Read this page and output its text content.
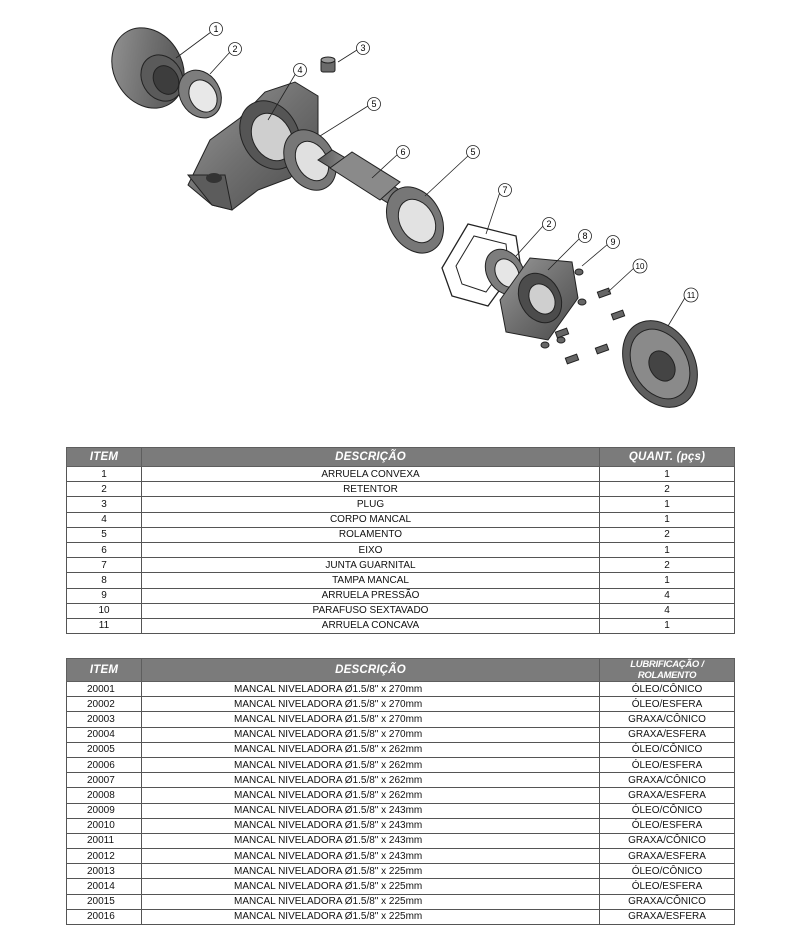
1
2	3
4
5
6	5
7
2
8
9
10
11
ITEM	DESCRIÇÃO	QUANT. (pçs)
1	ARRUELA CONVEXA	1
2	RETENTOR	2
3	PLUG	1
4	CORPO MANCAL	1
5	ROLAMENTO	2
6	EIXO	1
7	JUNTA GUARNITAL	2
8	TAMPA MANCAL	1
9	ARRUELA PRESSÃO	4
10	PARAFUSO SEXTAVADO	4
11	ARRUELA CONCAVA	1
ITEM	DESCRIÇÃO	LUBRIFICAÇÃO / ROLAMENTO
20001	MANCAL NIVELADORA Ø1.5/8" x 270mm	ÓLEO/CÔNICO
20002	MANCAL NIVELADORA Ø1.5/8" x 270mm	ÓLEO/ESFERA
20003	MANCAL NIVELADORA Ø1.5/8" x 270mm	GRAXA/CÔNICO
20004	MANCAL NIVELADORA Ø1.5/8" x 270mm	GRAXA/ESFERA
20005	MANCAL NIVELADORA Ø1.5/8" x 262mm	ÓLEO/CÔNICO
20006	MANCAL NIVELADORA Ø1.5/8" x 262mm	ÓLEO/ESFERA
20007	MANCAL NIVELADORA Ø1.5/8" x 262mm	GRAXA/CÔNICO
20008	MANCAL NIVELADORA Ø1.5/8" x 262mm	GRAXA/ESFERA
20009	MANCAL NIVELADORA Ø1.5/8" x 243mm	ÓLEO/CÔNICO
20010	MANCAL NIVELADORA Ø1.5/8" x 243mm	ÓLEO/ESFERA
20011	MANCAL NIVELADORA Ø1.5/8" x 243mm	GRAXA/CÔNICO
20012	MANCAL NIVELADORA Ø1.5/8" x 243mm	GRAXA/ESFERA
20013	MANCAL NIVELADORA Ø1.5/8" x 225mm	ÓLEO/CÔNICO
20014	MANCAL NIVELADORA Ø1.5/8" x 225mm	ÓLEO/ESFERA
20015	MANCAL NIVELADORA Ø1.5/8" x 225mm	GRAXA/CÔNICO
20016	MANCAL NIVELADORA Ø1.5/8" x 225mm	GRAXA/ESFERA
